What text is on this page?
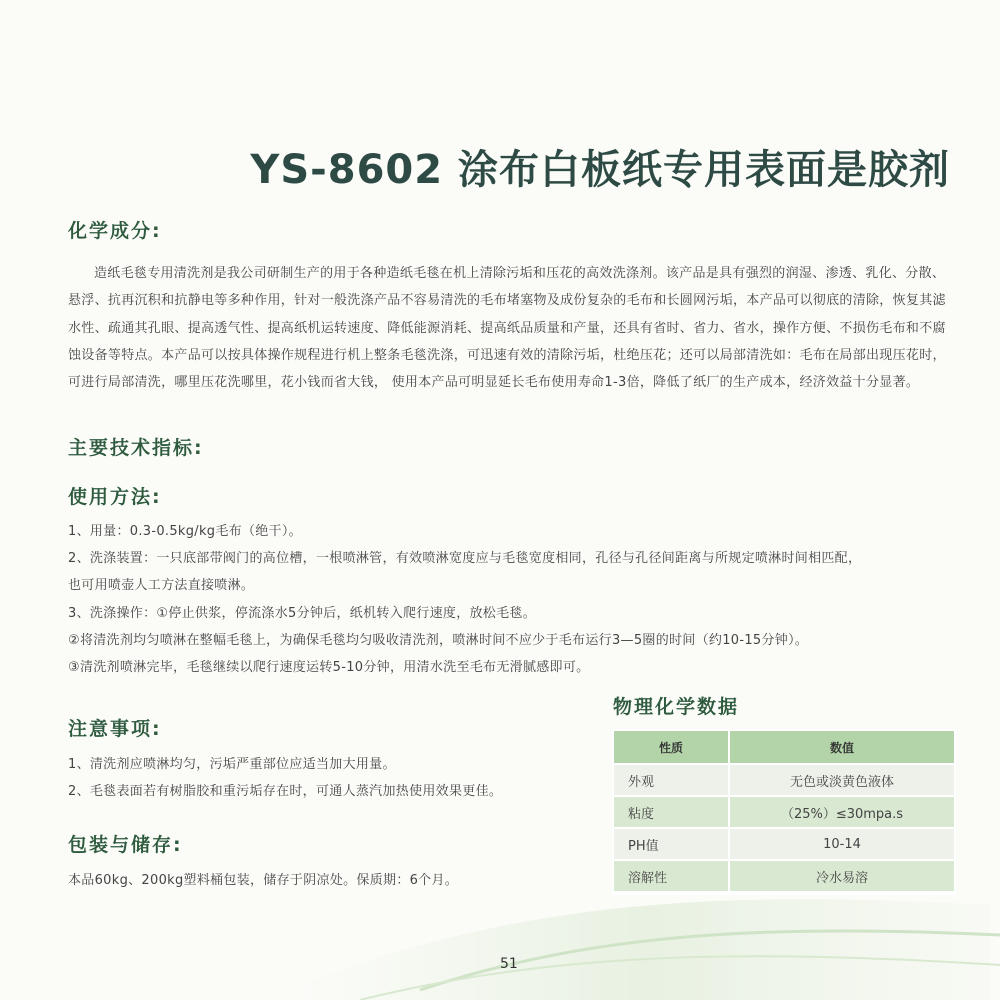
YS-8602 涂布白板纸专用表面是胶剂
化学成分:
造纸毛毯专用清洗剂是我公司研制生产的用于各种造纸毛毯在机上清除污垢和压花的高效洗涤剂。该产品是具有强烈的润湿、渗透、乳化、分散、悬浮、抗再沉积和抗静电等多种作用，针对一般洗涤产品不容易清洗的毛布堵塞物及成份复杂的毛布和长圆网污垢，本产品可以彻底的清除，恢复其滤水性、疏通其孔眼、提高透气性、提高纸机运转速度、降低能源消耗、提高纸品质量和产量，还具有省时、省力、省水，操作方便、不损伤毛布和不腐蚀设备等特点。本产品可以按具体操作规程进行机上整条毛毯洗涤，可迅速有效的清除污垢，杜绝压花；还可以局部清洗如：毛布在局部出现压花时，可进行局部清洗，哪里压花洗哪里，花小钱而省大钱， 使用本产品可明显延长毛布使用寿命1-3倍，降低了纸厂的生产成本，经济效益十分显著。
主要技术指标:
使用方法:
1、用量：0.3-0.5kg/kg毛布（绝干）。
2、洗涤装置：一只底部带阀门的高位槽，一根喷淋管，有效喷淋宽度应与毛毯宽度相同，孔径与孔径间距离与所规定喷淋时间相匹配，
也可用喷壶人工方法直接喷淋。
3、洗涤操作：①停止供浆，停流涤水5分钟后，纸机转入爬行速度，放松毛毯。
②将清洗剂均匀喷淋在整幅毛毯上，为确保毛毯均匀吸收清洗剂，喷淋时间不应少于毛布运行3—5圈的时间（约10-15分钟）。
③清洗剂喷淋完毕，毛毯继续以爬行速度运转5-10分钟，用清水洗至毛布无滑腻感即可。
物理化学数据
注意事项:
1、清洗剂应喷淋均匀，污垢严重部位应适当加大用量。
2、毛毯表面若有树脂胶和重污垢存在时，可通人蒸汽加热使用效果更佳。
包装与储存:
本品60kg、200kg塑料桶包装，储存于阴凉处。保质期：6个月。
性质	数值
外观	无色或淡黄色液体
粘度	（25%）≤30mpa.s
PH值	10-14
溶解性	冷水易溶
51
